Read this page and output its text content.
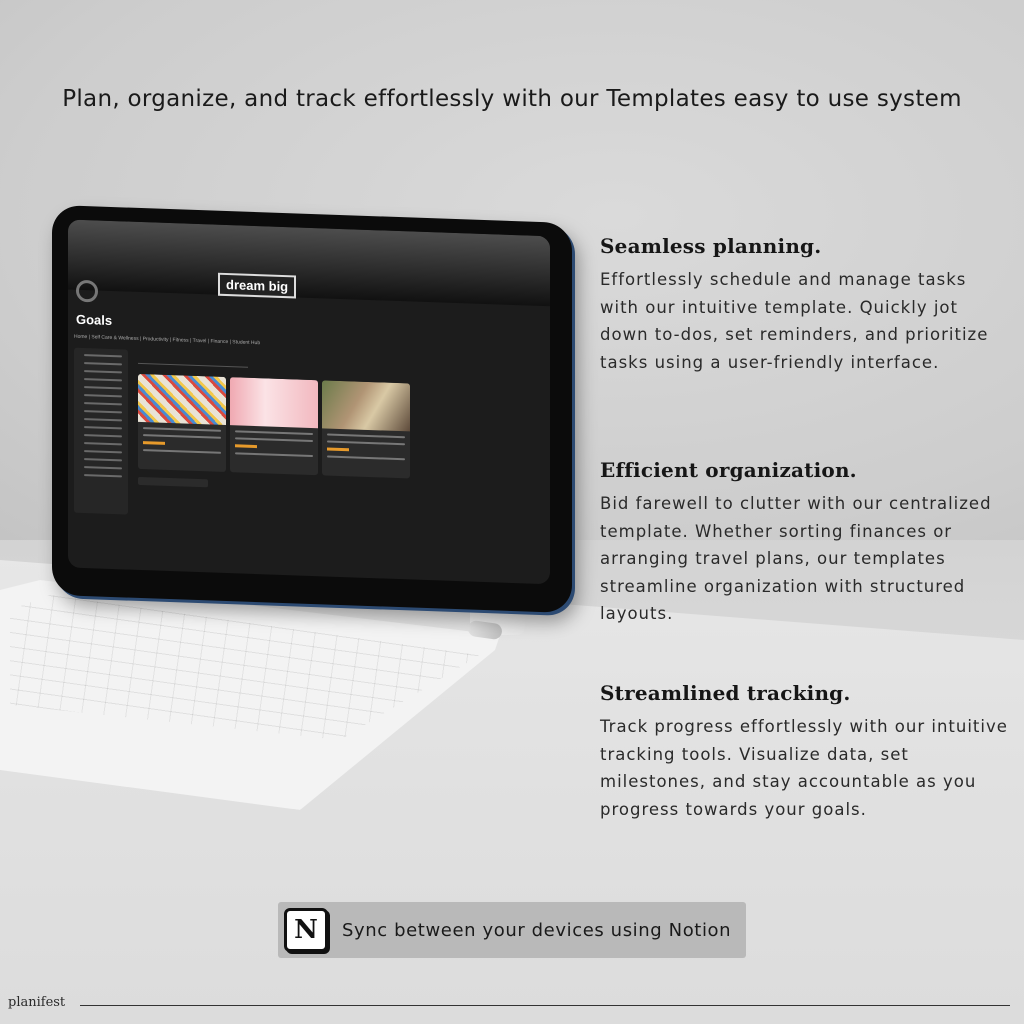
Plan, organize, and track effortlessly with our Templates easy to use system
dream big
Goals
Home | Self Care & Wellness | Productivity | Fitness | Travel | Finance | Student Hub

Seamless planning.

Effortlessly schedule and manage tasks with our intuitive template. Quickly jot down to-dos, set reminders, and prioritize tasks using a user-friendly interface.

Efficient organization.

Bid farewell to clutter with our centralized template. Whether sorting finances or arranging travel plans, our templates streamline organization with structured layouts.

Streamlined tracking.

Track progress effortlessly with our intuitive tracking tools. Visualize data, set milestones, and stay accountable as you progress towards your goals.

N	Sync between your devices using Notion
planifest
